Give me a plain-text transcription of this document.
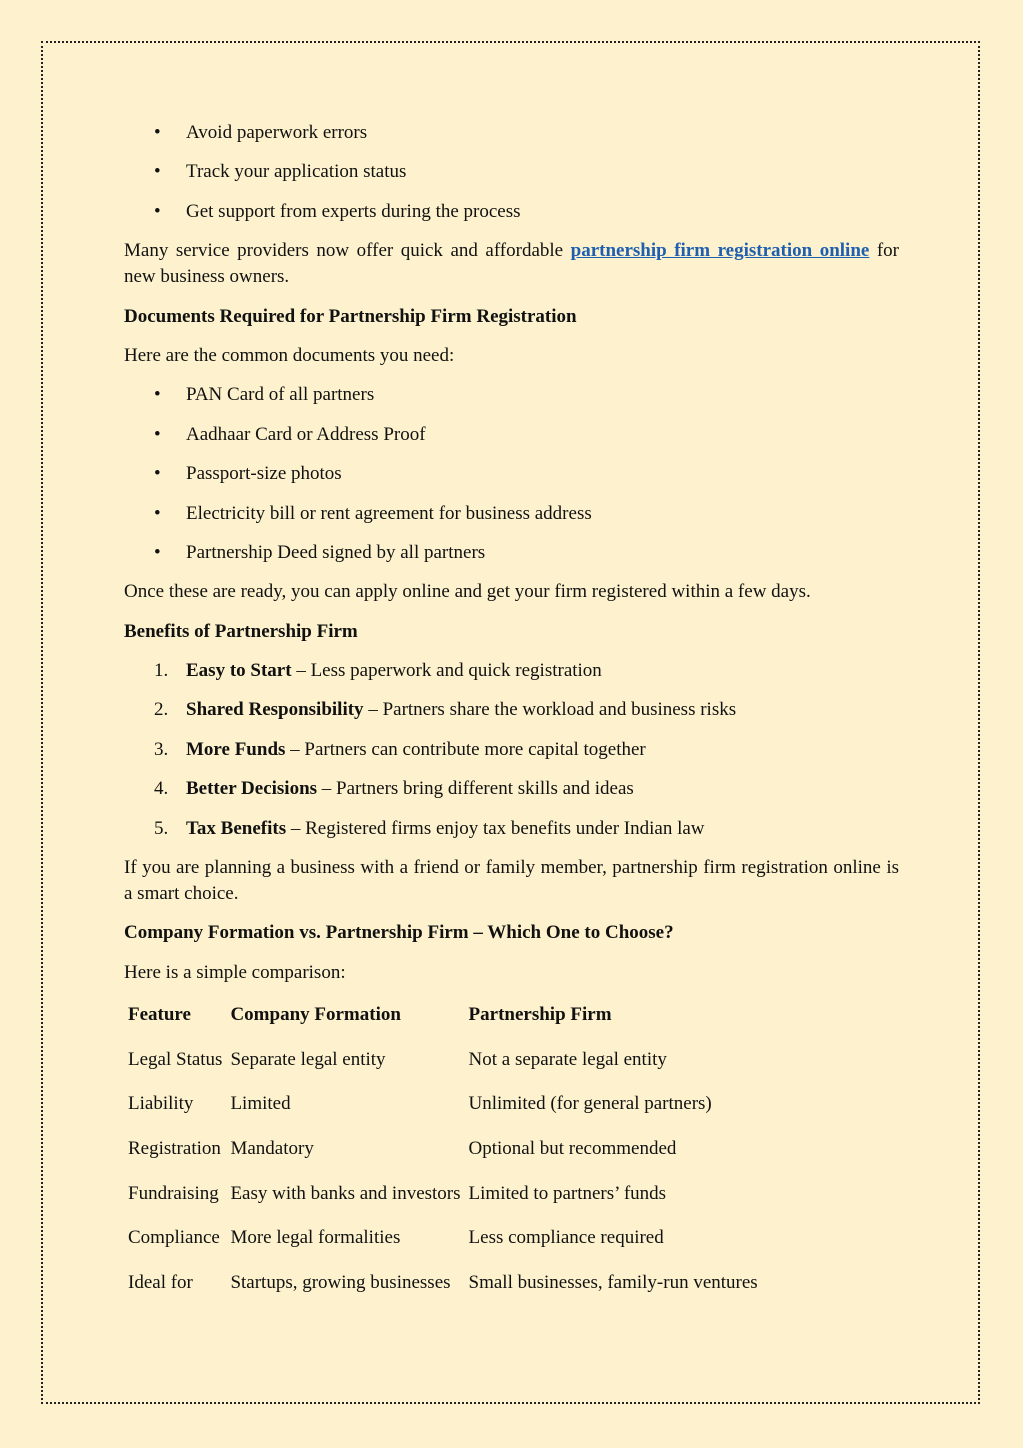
• Avoid paperwork errors
• Track your application status
• Get support from experts during the process

Many service providers now offer quick and affordable partnership firm registration online for new business owners.

Documents Required for Partnership Firm Registration

Here are the common documents you need:

• PAN Card of all partners
• Aadhaar Card or Address Proof
• Passport-size photos
• Electricity bill or rent agreement for business address
• Partnership Deed signed by all partners

Once these are ready, you can apply online and get your firm registered within a few days.

Benefits of Partnership Firm
1. Easy to Start – Less paperwork and quick registration
2. Shared Responsibility – Partners share the workload and business risks
3. More Funds – Partners can contribute more capital together
4. Better Decisions – Partners bring different skills and ideas
5. Tax Benefits – Registered firms enjoy tax benefits under Indian law

If you are planning a business with a friend or family member, partnership firm registration online is a smart choice.

Company Formation vs. Partnership Firm – Which One to Choose?

Here is a simple comparison:

Feature	Company Formation	Partnership Firm
Legal Status	Separate legal entity	Not a separate legal entity
Liability	Limited	Unlimited (for general partners)
Registration	Mandatory	Optional but recommended
Fundraising	Easy with banks and investors	Limited to partners’ funds
Compliance	More legal formalities	Less compliance required
Ideal for	Startups, growing businesses	Small businesses, family-run ventures
